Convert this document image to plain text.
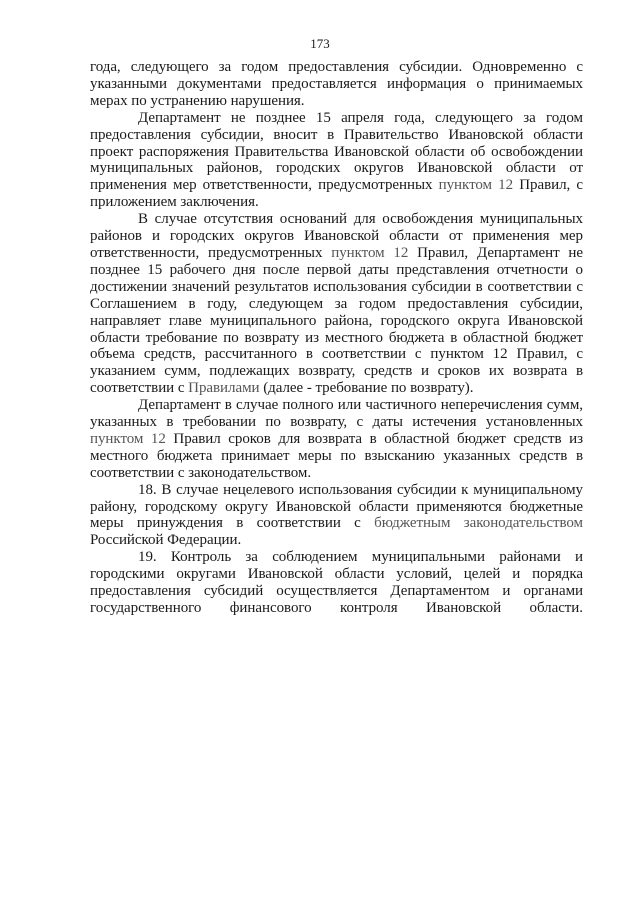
173

года, следующего за годом предоставления субсидии. Одновременно с указанными документами предоставляется информация о принимаемых мерах по устранению нарушения.

Департамент не позднее 15 апреля года, следующего за годом предоставления субсидии, вносит в Правительство Ивановской области проект распоряжения Правительства Ивановской области об освобождении муниципальных районов, городских округов Ивановской области от применения мер ответственности, предусмотренных пунктом 12 Правил, с приложением заключения.

В случае отсутствия оснований для освобождения муниципальных районов и городских округов Ивановской области от применения мер ответственности, предусмотренных пунктом 12 Правил, Департамент не позднее 15 рабочего дня после первой даты представления отчетности о достижении значений результатов использования субсидии в соответствии с Соглашением в году, следующем за годом предоставления субсидии, направляет главе муниципального района, городского округа Ивановской области требование по возврату из местного бюджета в областной бюджет объема средств, рассчитанного в соответствии с пунктом 12 Правил, с указанием сумм, подлежащих возврату, средств и сроков их возврата в соответствии с Правилами (далее - требование по возврату).

Департамент в случае полного или частичного неперечисления сумм, указанных в требовании по возврату, с даты истечения установленных пунктом 12 Правил сроков для возврата в областной бюджет средств из местного бюджета принимает меры по взысканию указанных средств в соответствии с законодательством.

18. В случае нецелевого использования субсидии к муниципальному району, городскому округу Ивановской области применяются бюджетные меры принуждения в соответствии с бюджетным законодательством Российской Федерации.

19. Контроль за соблюдением муниципальными районами и городскими округами Ивановской области условий, целей и порядка предоставления субсидий осуществляется Департаментом и органами государственного финансового контроля Ивановской области.
